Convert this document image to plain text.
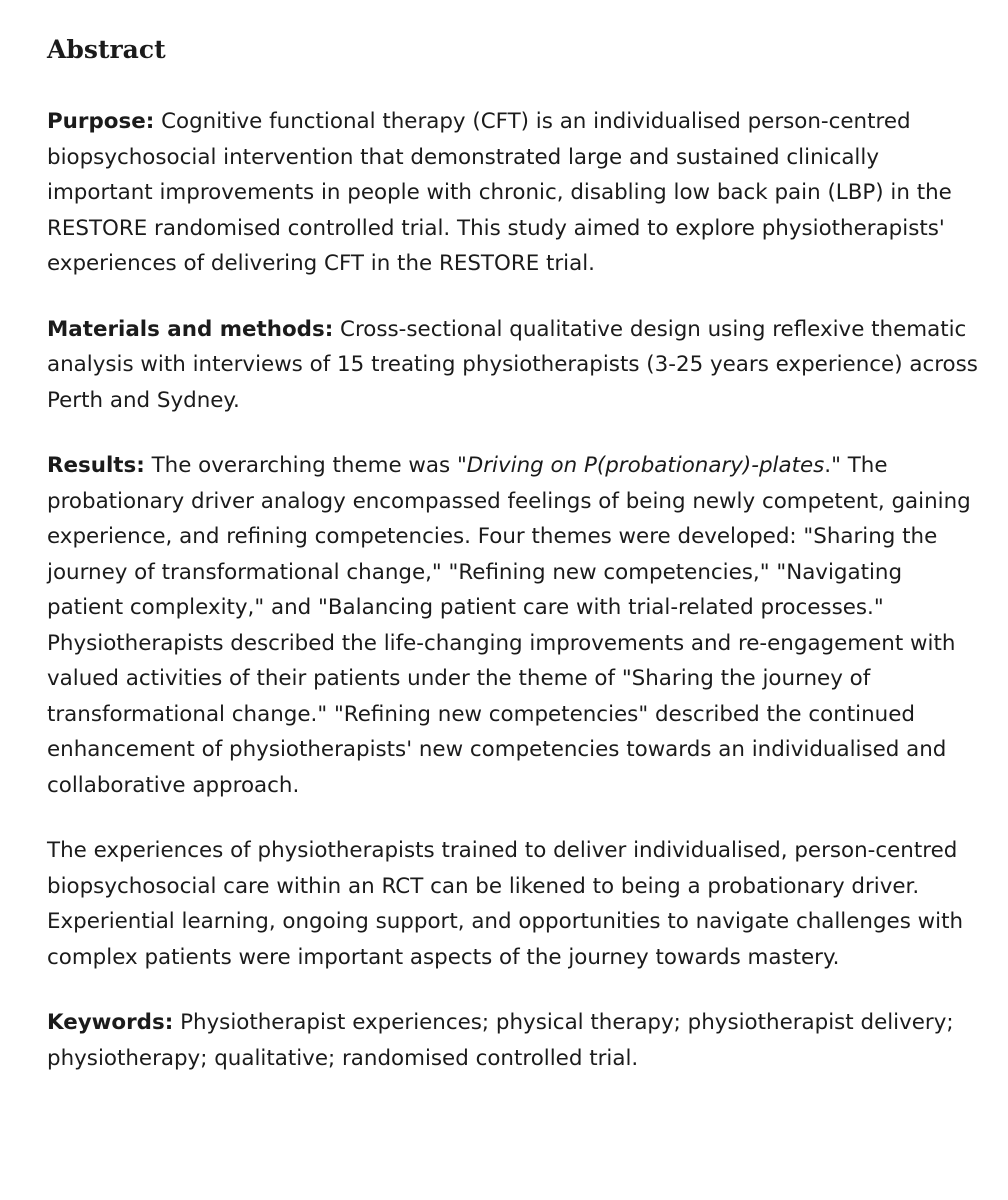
Abstract

Purpose: Cognitive functional therapy (CFT) is an individualised person-centred biopsychosocial intervention that demonstrated large and sustained clinically important improvements in people with chronic, disabling low back pain (LBP) in the RESTORE randomised controlled trial. This study aimed to explore physiotherapists' experiences of delivering CFT in the RESTORE trial.

Materials and methods: Cross-sectional qualitative design using reflexive thematic analysis with interviews of 15 treating physiotherapists (3-25 years experience) across Perth and Sydney.

Results: The overarching theme was "Driving on P(probationary)-plates." The probationary driver analogy encompassed feelings of being newly competent, gaining experience, and refining competencies. Four themes were developed: "Sharing the journey of transformational change," "Refining new competencies," "Navigating patient complexity," and "Balancing patient care with trial-related processes." Physiotherapists described the life-changing improvements and re-engagement with valued activities of their patients under the theme of "Sharing the journey of transformational change." "Refining new competencies" described the continued enhancement of physiotherapists' new competencies towards an individualised and collaborative approach.

The experiences of physiotherapists trained to deliver individualised, person-centred biopsychosocial care within an RCT can be likened to being a probationary driver. Experiential learning, ongoing support, and opportunities to navigate challenges with complex patients were important aspects of the journey towards mastery.

Keywords: Physiotherapist experiences; physical therapy; physiotherapist delivery; physiotherapy; qualitative; randomised controlled trial.
